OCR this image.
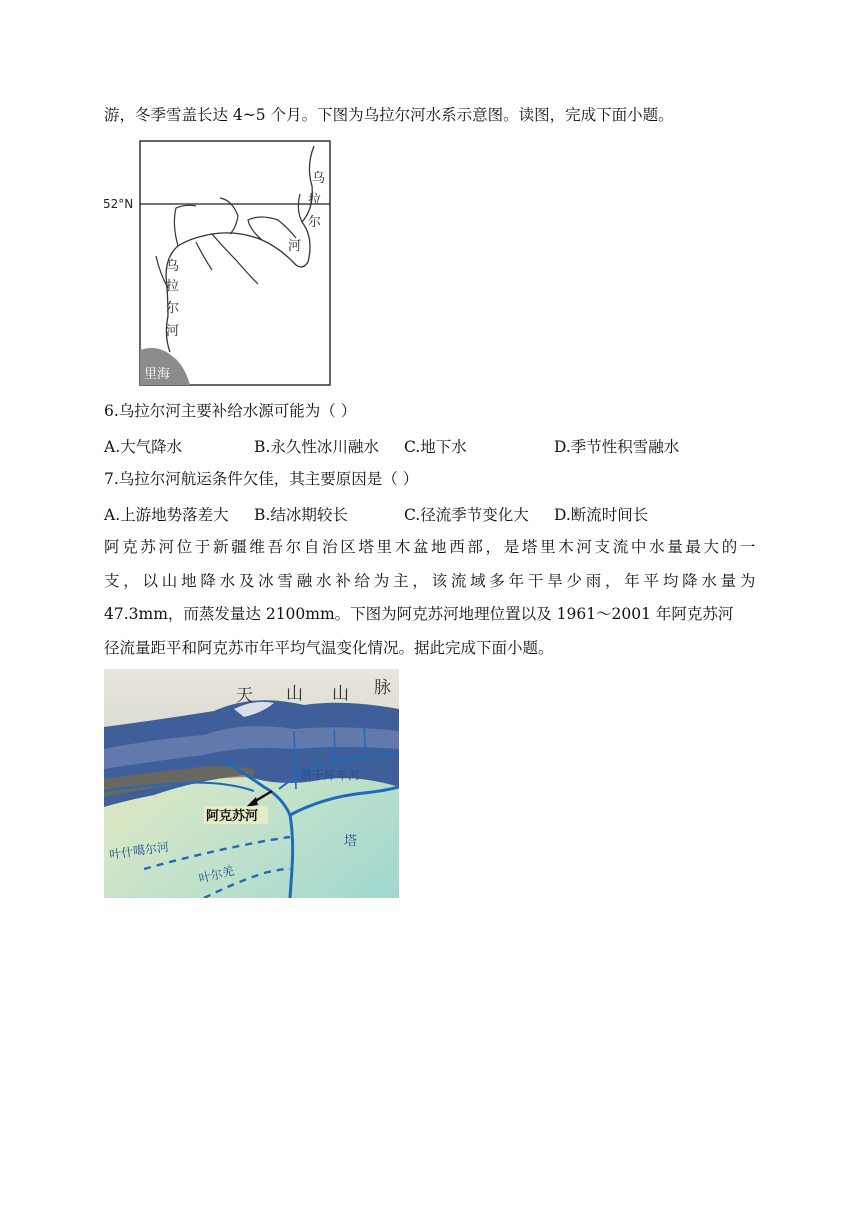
游，冬季雪盖长达 4~5 个月。下图为乌拉尔河水系示意图。读图，完成下面小题。
52°N
里海
乌
拉
尔
河
乌
拉
尔
河
6.乌拉尔河主要补给水源可能为（ ）
A.大气降水	B.永久性冰川融水 C.地下水	D.季节性积雪融水
7.乌拉尔河航运条件欠佳，其主要原因是（ ）
A.上游地势落差大 B.结冰期较长	C.径流季节变化大 D.断流时间长
阿克苏河位于新疆维吾尔自治区塔里木盆地西部，是塔里木河支流中水量最大的一
支，以山地降水及冰雪融水补给为主，该流域多年干旱少雨，年平均降水量为
47.3mm，而蒸发量达 2100mm。下图为阿克苏河地理位置以及 1961～2001 年阿克苏河
径流量距平和阿克苏市年平均气温变化情况。据此完成下面小题。
阿克苏河
天 山 山 脉
渭干库车河
叶什噶尔河	塔
叶尔羌
